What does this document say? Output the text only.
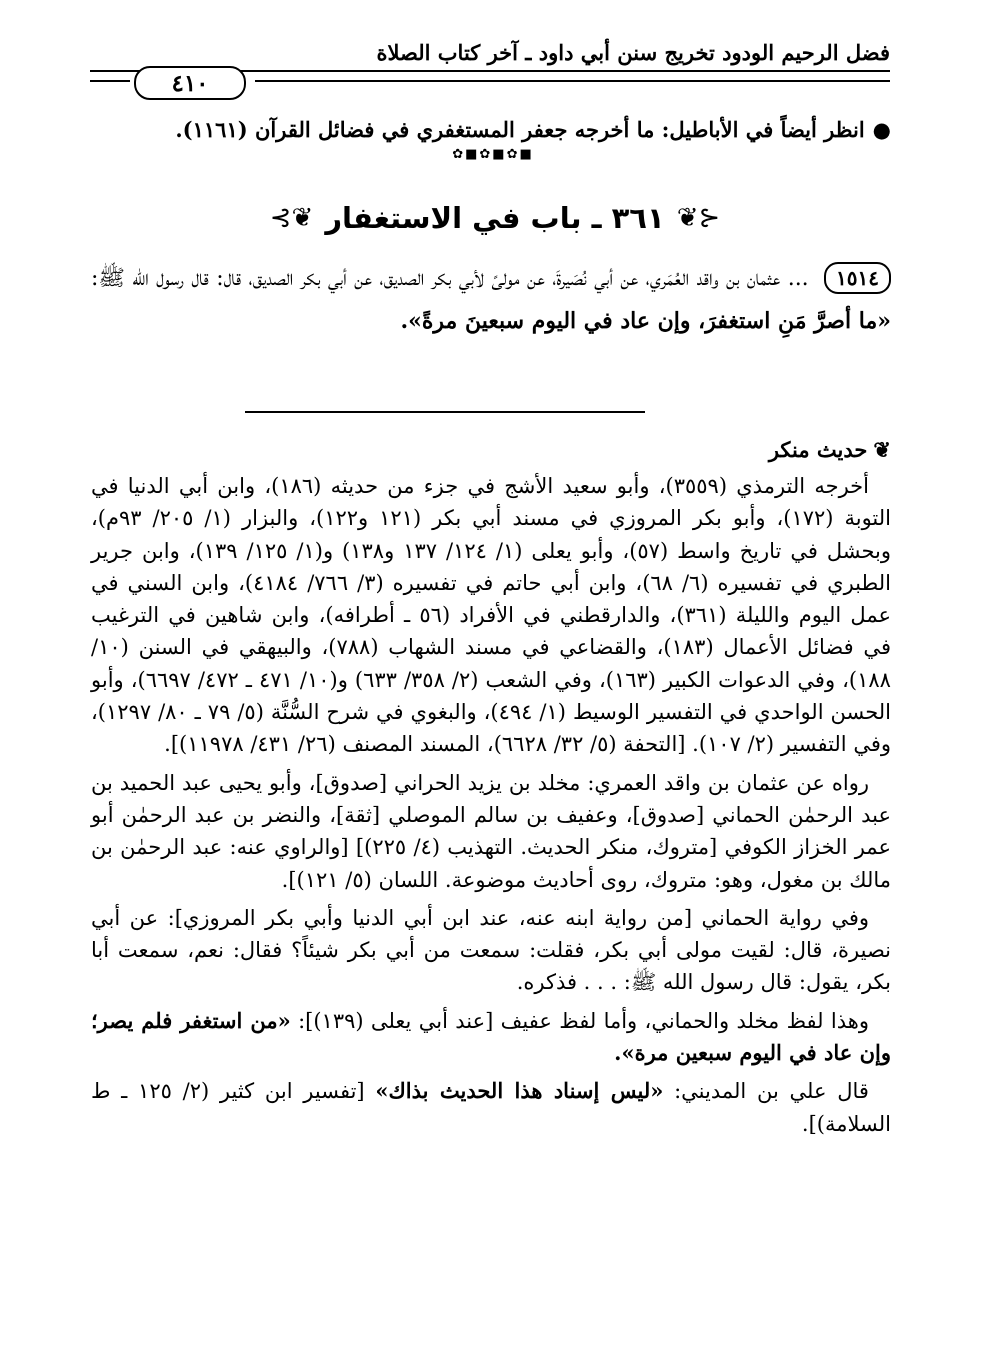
فضل الرحيم الودود تخريج سنن أبي داود ـ آخر كتاب الصلاة
٤١٠
●انظر أيضاً في الأباطيل: ما أخرجه جعفر المستغفري في فضائل القرآن (١١٦١).
✿■✿■✿■
⊰❦
٣٦١ ـ باب في الاستغفار
❦⊱
١٥١٤ ... عثمان بن واقد العُمَري، عن أبي نُصَيرةَ، عن مولىً لأبي بكر الصديق، عن أبي بكر الصديق، قال: قال رسول الله ﷺ: «ما أصرَّ مَنِ استغفرَ، وإن عاد في اليوم سبعينَ مرةً».
❦حديث منكر

أخرجه الترمذي (٣٥٥٩)، وأبو سعيد الأشج في جزء من حديثه (١٨٦)، وابن أبي الدنيا في التوبة (١٧٢)، وأبو بكر المروزي في مسند أبي بكر (١٢١ و١٢٢)، والبزار (١/ ٢٠٥/ ٩٣م)، وبحشل في تاريخ واسط (٥٧)، وأبو يعلى (١/ ١٢٤/ ١٣٧ و١٣٨) و(١/ ١٢٥/ ١٣٩)، وابن جرير الطبري في تفسيره (٦/ ٦٨)، وابن أبي حاتم في تفسيره (٣/ ٧٦٦/ ٤١٨٤)، وابن السني في عمل اليوم والليلة (٣٦١)، والدارقطني في الأفراد (٥٦ ـ أطرافه)، وابن شاهين في الترغيب في فضائل الأعمال (١٨٣)، والقضاعي في مسند الشهاب (٧٨٨)، والبيهقي في السنن (١٠/ ١٨٨)، وفي الدعوات الكبير (١٦٣)، وفي الشعب (٢/ ٣٥٨/ ٦٣٣) و(١٠/ ٤٧١ ـ ٤٧٢/ ٦٦٩٧)، وأبو الحسن الواحدي في التفسير الوسيط (١/ ٤٩٤)، والبغوي في شرح السُّنَّة (٥/ ٧٩ ـ ٨٠/ ١٢٩٧)، وفي التفسير (٢/ ١٠٧). [التحفة (٥/ ٣٢/ ٦٦٢٨)، المسند المصنف (٢٦/ ٤٣١/ ١١٩٧٨)].

رواه عن عثمان بن واقد العمري: مخلد بن يزيد الحراني [صدوق]، وأبو يحيى عبد الحميد بن عبد الرحمٰن الحماني [صدوق]، وعفيف بن سالم الموصلي [ثقة]، والنضر بن عبد الرحمٰن أبو عمر الخزاز الكوفي [متروك، منكر الحديث. التهذيب (٤/ ٢٢٥)] [والراوي عنه: عبد الرحمٰن بن مالك بن مغول، وهو: متروك، روى أحاديث موضوعة. اللسان (٥/ ١٢١)].

وفي رواية الحماني [من رواية ابنه عنه، عند ابن أبي الدنيا وأبي بكر المروزي]: عن أبي نصيرة، قال: لقيت مولى أبي بكر، فقلت: سمعت من أبي بكر شيئاً؟ فقال: نعم، سمعت أبا بكر، يقول: قال رسول الله ﷺ: . . . فذكره.

وهذا لفظ مخلد والحماني، وأما لفظ عفيف [عند أبي يعلى (١٣٩)]: «من استغفر فلم يصر؛ وإن عاد في اليوم سبعين مرة».

قال علي بن المديني: «ليس إسناد هذا الحديث بذاك» [تفسير ابن كثير (٢/ ١٢٥ ـ ط السلامة)].
